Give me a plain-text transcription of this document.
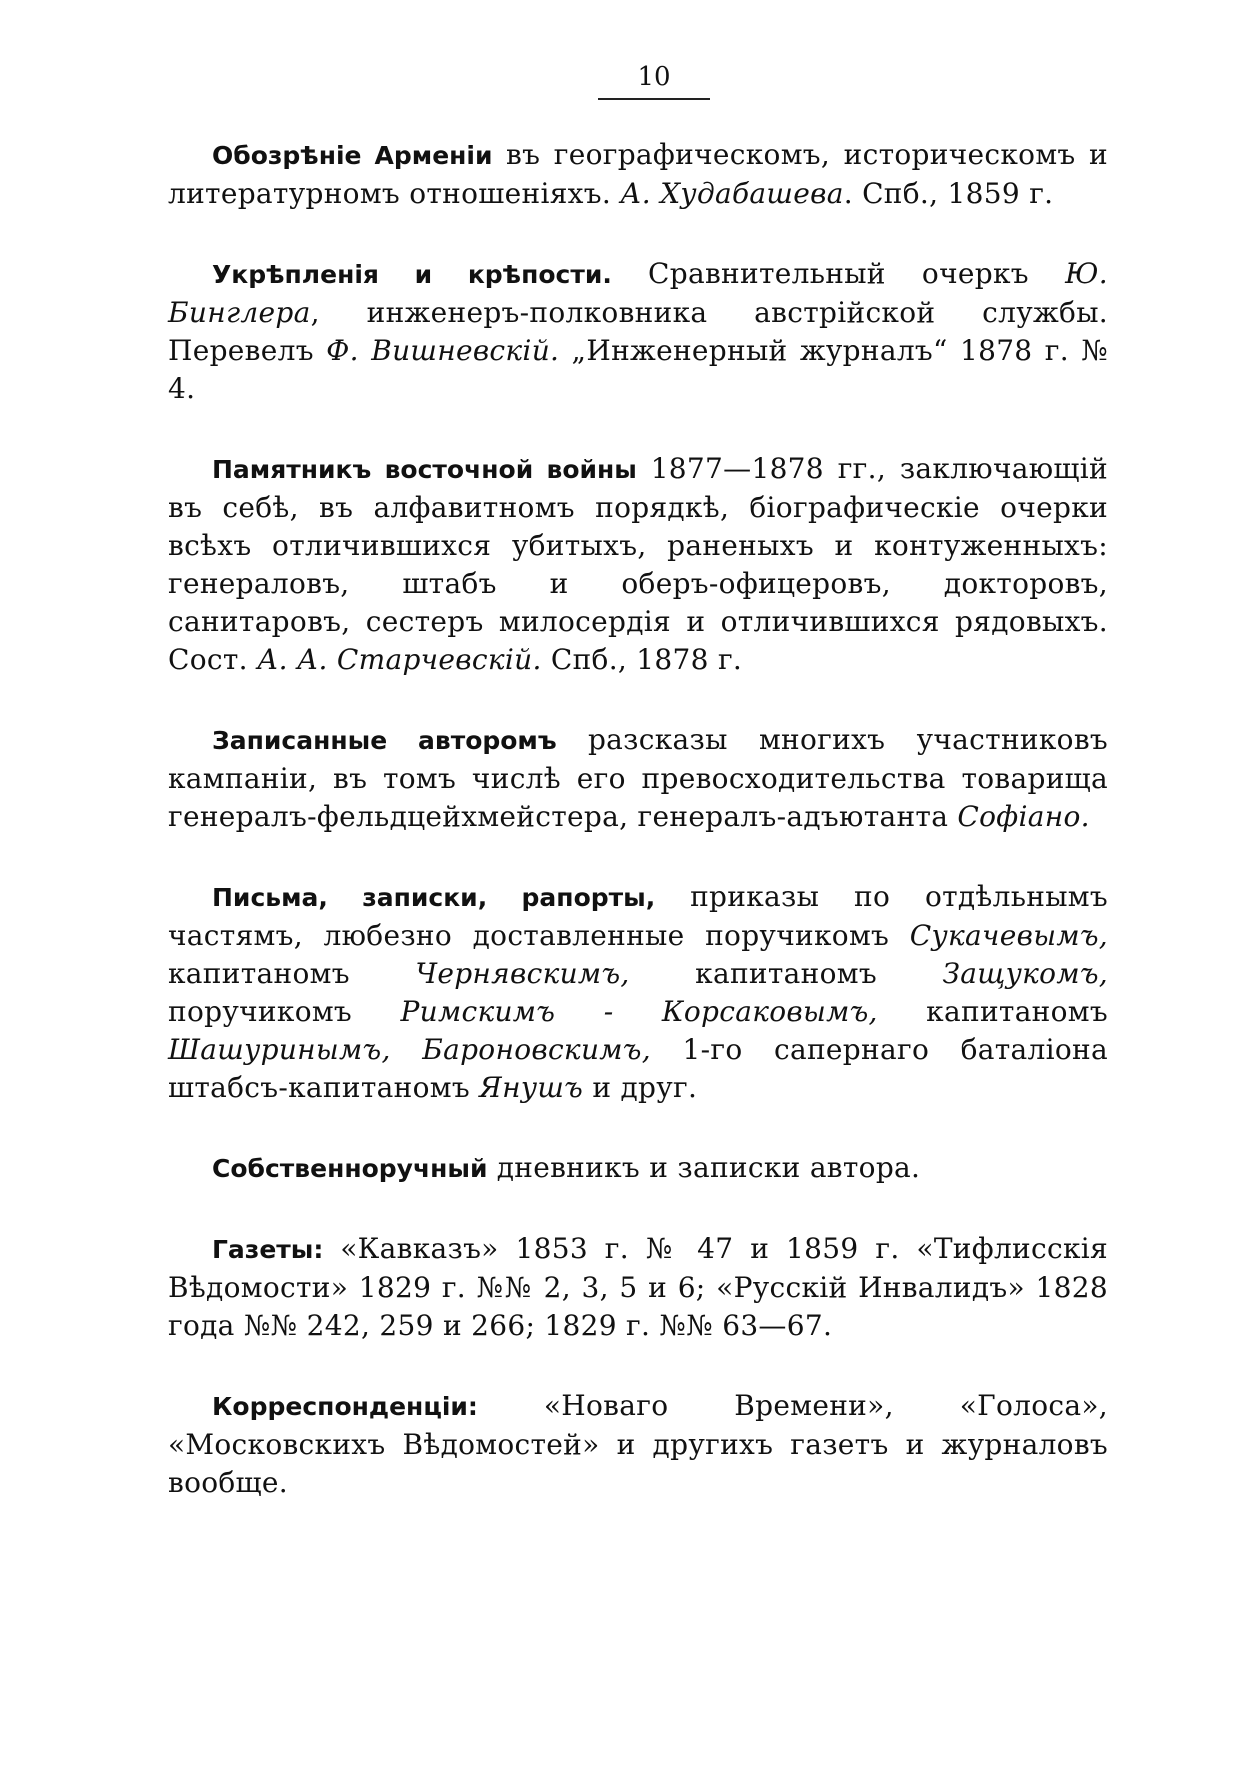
10

Обозрѣніе Арменіи въ географическомъ, историческомъ и литературномъ отношеніяхъ. А. Худабашева. Спб., 1859 г.

Укрѣпленія и крѣпости. Сравнительный очеркъ Ю. Бинглера, инженеръ-полковника австрійской службы. Перевелъ Ф. Вишневскій. „Инженерный журналъ“ 1878 г. № 4.

Памятникъ восточной войны 1877—1878 гг., заключающій въ себѣ, въ алфавитномъ порядкѣ, біографическіе очерки всѣхъ отличившихся убитыхъ, раненыхъ и контуженныхъ: генераловъ, штабъ и оберъ-офицеровъ, докторовъ, санитаровъ, сестеръ милосердія и отличившихся рядовыхъ. Сост. А. А. Старчевскій. Спб., 1878 г.

Записанные авторомъ разсказы многихъ участниковъ кампаніи, въ томъ числѣ его превосходительства товарища генералъ-фельдцейхмейстера, генералъ-адъютанта Софіано.

Письма, записки, рапорты, приказы по отдѣльнымъ частямъ, любезно доставленные поручикомъ Сукачевымъ, капитаномъ Чернявскимъ, капитаномъ Защукомъ, поручикомъ Римскимъ - Корсаковымъ, капитаномъ Шашуринымъ, Бароновскимъ, 1-го сапернаго баталіона штабсъ-капитаномъ Янушъ и друг.

Собственноручный дневникъ и записки автора.

Газеты: «Кавказъ» 1853 г. № 47 и 1859 г. «Тифлисскія Вѣдомости» 1829 г. №№ 2, 3, 5 и 6; «Русскій Инвалидъ» 1828 года №№ 242, 259 и 266; 1829 г. №№ 63—67.

Корреспонденціи: «Новаго Времени», «Голоса», «Московскихъ Вѣдомостей» и другихъ газетъ и журналовъ вообще.
